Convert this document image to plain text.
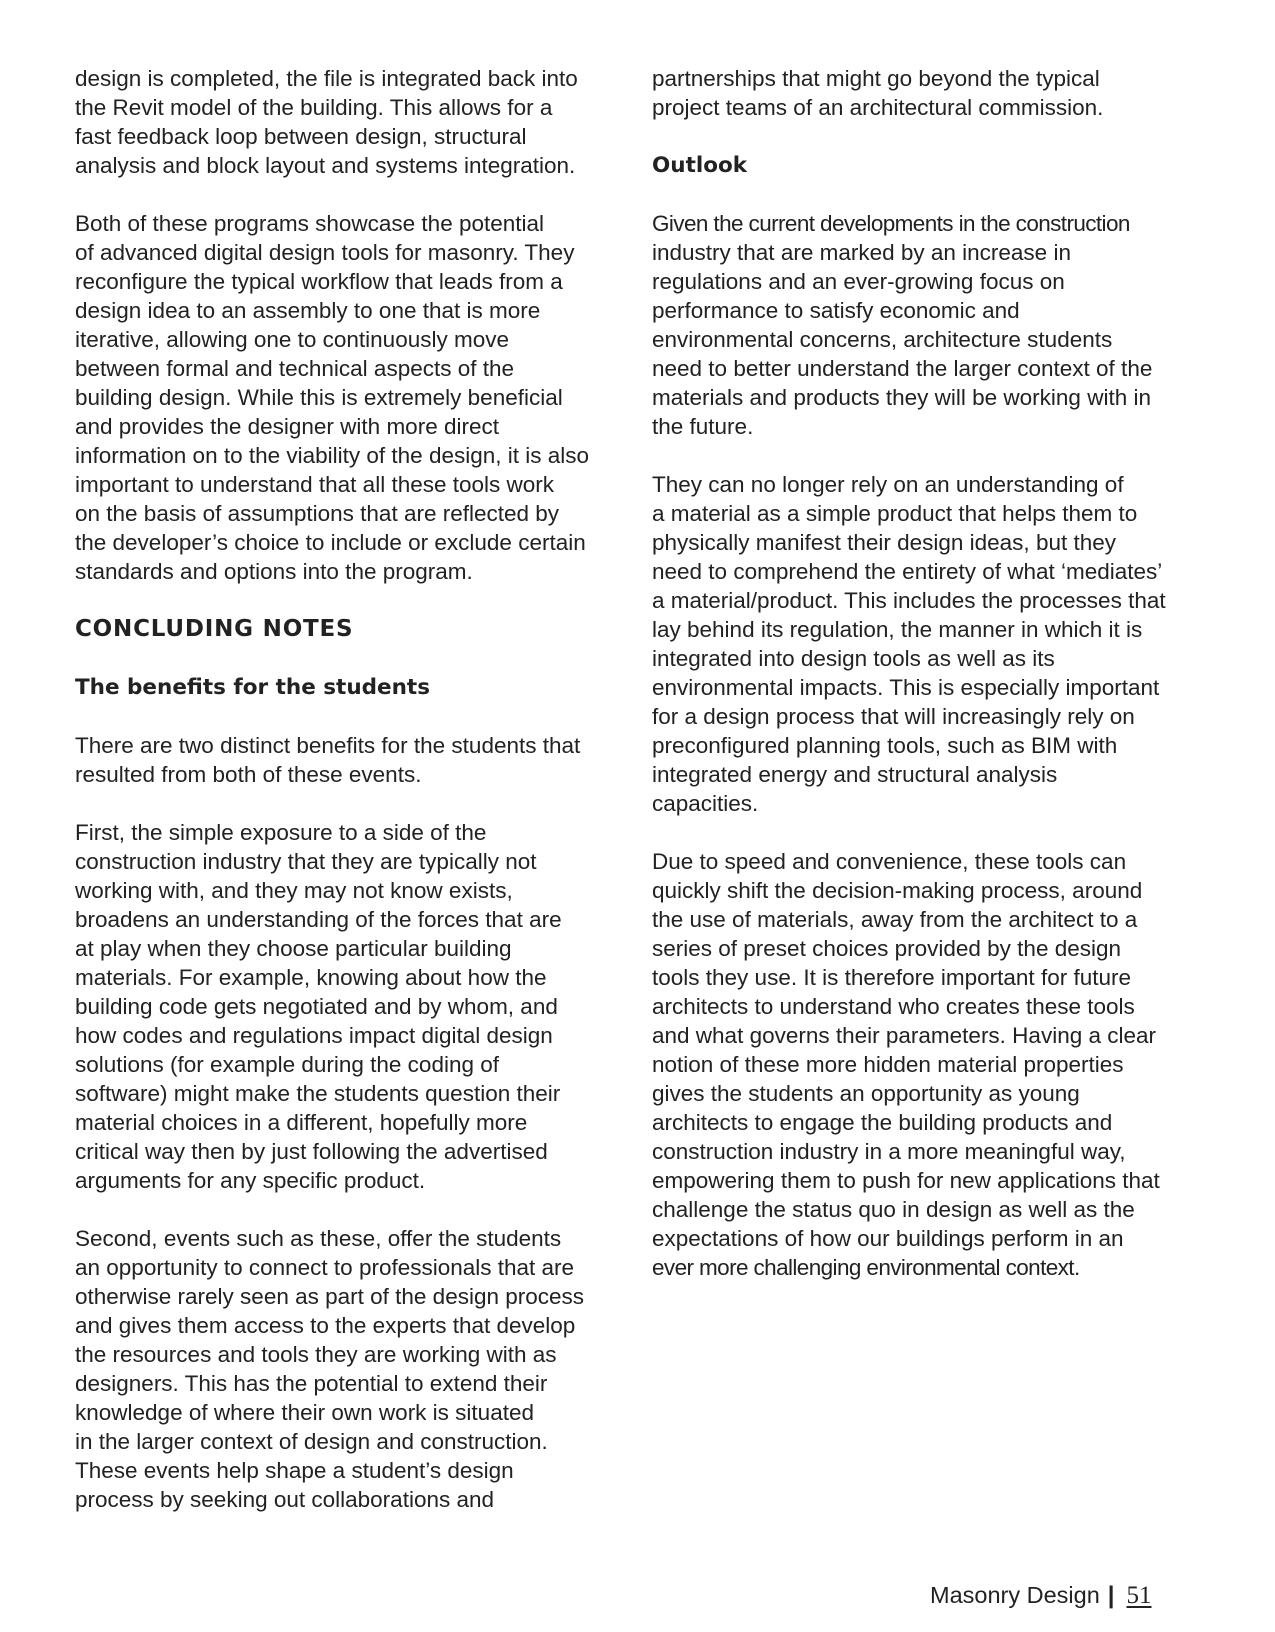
design is completed, the file is integrated back into
the Revit model of the building. This allows for a
fast feedback loop between design, structural
analysis and block layout and systems integration.
Both of these programs showcase the potential
of advanced digital design tools for masonry. They
reconfigure the typical workflow that leads from a
design idea to an assembly to one that is more
iterative, allowing one to continuously move
between formal and technical aspects of the
building design. While this is extremely beneficial
and provides the designer with more direct
information on to the viability of the design, it is also
important to understand that all these tools work
on the basis of assumptions that are reflected by
the developer’s choice to include or exclude certain
standards and options into the program.
CONCLUDING NOTES
The benefits for the students
There are two distinct benefits for the students that
resulted from both of these events.
First, the simple exposure to a side of the
construction industry that they are typically not
working with, and they may not know exists,
broadens an understanding of the forces that are
at play when they choose particular building
materials. For example, knowing about how the
building code gets negotiated and by whom, and
how codes and regulations impact digital design
solutions (for example during the coding of
software) might make the students question their
material choices in a different, hopefully more
critical way then by just following the advertised
arguments for any specific product.
Second, events such as these, offer the students
an opportunity to connect to professionals that are
otherwise rarely seen as part of the design process
and gives them access to the experts that develop
the resources and tools they are working with as
designers. This has the potential to extend their
knowledge of where their own work is situated
in the larger context of design and construction.
These events help shape a student’s design
process by seeking out collaborations and
partnerships that might go beyond the typical
project teams of an architectural commission.
Outlook
Given the current developments in the construction
industry that are marked by an increase in
regulations and an ever-growing focus on
performance to satisfy economic and
environmental concerns, architecture students
need to better understand the larger context of the
materials and products they will be working with in
the future.
They can no longer rely on an understanding of
a material as a simple product that helps them to
physically manifest their design ideas, but they
need to comprehend the entirety of what ‘mediates’
a material/product. This includes the processes that
lay behind its regulation, the manner in which it is
integrated into design tools as well as its
environmental impacts. This is especially important
for a design process that will increasingly rely on
preconfigured planning tools, such as BIM with
integrated energy and structural analysis
capacities.
Due to speed and convenience, these tools can
quickly shift the decision-making process, around
the use of materials, away from the architect to a
series of preset choices provided by the design
tools they use. It is therefore important for future
architects to understand who creates these tools
and what governs their parameters. Having a clear
notion of these more hidden material properties
gives the students an opportunity as young
architects to engage the building products and
construction industry in a more meaningful way,
empowering them to push for new applications that
challenge the status quo in design as well as the
expectations of how our buildings perform in an
ever more challenging environmental context.
Masonry Design | 51
